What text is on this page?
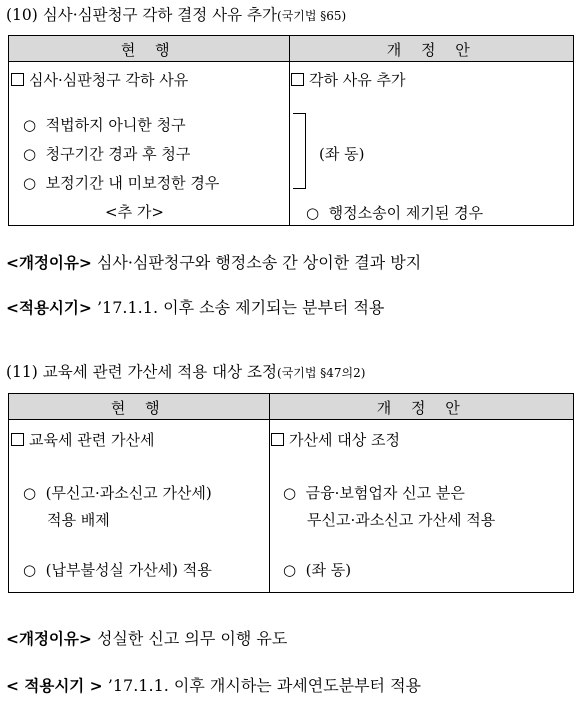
(10) 심사·심판청구 각하 결정 사유 추가(국기법 §65)
현 행	개 정 안
심사·심판청구 각하 사유
○  적법하지 아니한 청구
○  청구기간 경과 후 청구
○  보정기간 내 미보정한 경우
<추 가>
각하 사유 추가
(좌 동)
○  행정소송이 제기된 경우
<개정이유> 심사·심판청구와 행정소송 간 상이한 결과 방지
<적용시기> ’17.1.1. 이후 소송 제기되는 분부터 적용
(11) 교육세 관련 가산세 적용 대상 조정(국기법 §47의2)
현 행	개 정 안
교육세 관련 가산세
○  (무신고·과소신고 가산세)
적용 배제
○  (납부불성실 가산세) 적용
가산세 대상 조정
○  금융·보험업자 신고 분은
무신고·과소신고 가산세 적용
○  (좌 동)
<개정이유> 성실한 신고 의무 이행 유도
< 적용시기 > ’17.1.1. 이후 개시하는 과세연도분부터 적용
